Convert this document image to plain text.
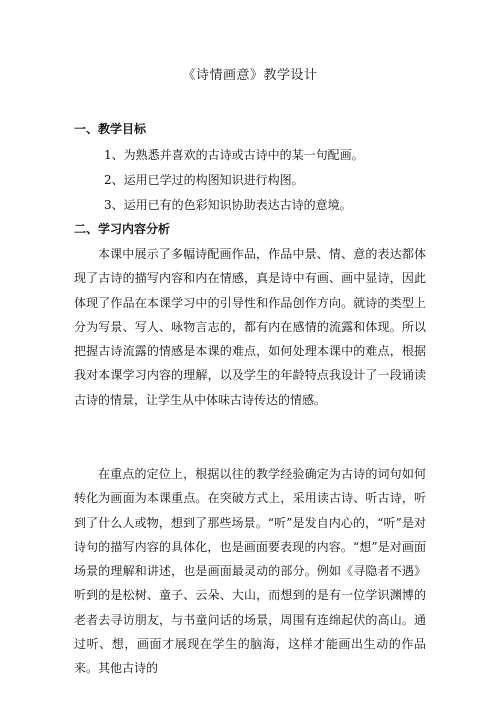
《诗情画意》教学设计
一、教学目标
1、为熟悉并喜欢的古诗或古诗中的某一句配画。
2、运用已学过的构图知识进行构图。
3、运用已有的色彩知识协助表达古诗的意境。
二、学习内容分析
本课中展示了多幅诗配画作品，作品中景、情、意的表达都体现了古诗的描写内容和内在情感，真是诗中有画、画中显诗，因此体现了作品在本课学习中的引导性和作品创作方向。就诗的类型上分为写景、写人、咏物言志的，都有内在感情的流露和体现。所以把握古诗流露的情感是本课的难点，如何处理本课中的难点，根据我对本课学习内容的理解，以及学生的年龄特点我设计了一段诵读古诗的情景，让学生从中体味古诗传达的情感。
在重点的定位上，根据以往的教学经验确定为古诗的词句如何转化为画面为本课重点。在突破方式上，采用读古诗、听古诗，听到了什么人或物，想到了那些场景。“听”是发自内心的，“听”是对诗句的描写内容的具体化，也是画面要表现的内容。“想”是对画面场景的理解和讲述，也是画面最灵动的部分。例如《寻隐者不遇》听到的是松树、童子、云朵、大山，而想到的是有一位学识渊博的老者去寻访朋友，与书童问话的场景，周围有连绵起伏的高山。通过听、想，画面才展现在学生的脑海，这样才能画出生动的作品来。其他古诗的
